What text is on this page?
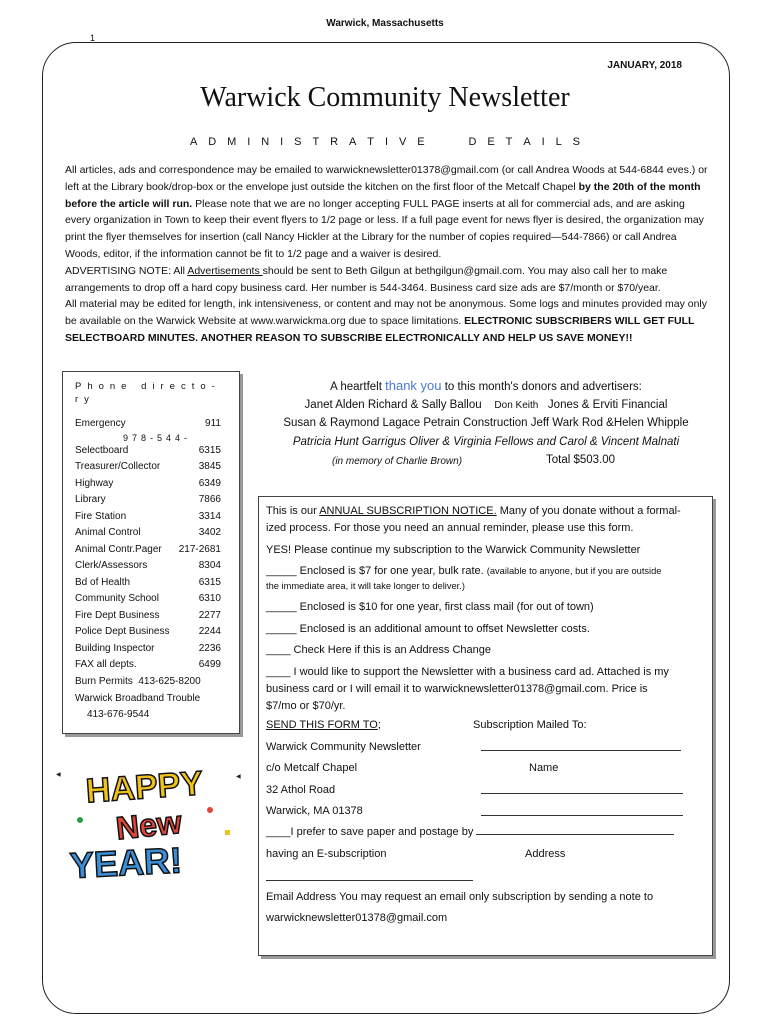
Warwick, Massachusetts
1
JANUARY, 2018
Warwick Community Newsletter
A D M I N I S T R A T I V E	D E T A I L S
All articles, ads and correspondence may be emailed to warwicknewsletter01378@gmail.com (or call Andrea Woods at 544-6844 eves.) or left at the Library book/drop-box or the envelope just outside the kitchen on the first floor of the Metcalf Chapel by the 20th of the month before the article will run. Please note that we are no longer accepting FULL PAGE inserts at all for commercial ads, and are asking every organization in Town to keep their event flyers to 1/2 page or less. If a full page event for news flyer is desired, the organization may print the flyer themselves for insertion (call Nancy Hickler at the Library for the number of copies required—544-7866) or call Andrea Woods, editor, if the information cannot be fit to 1/2 page and a waiver is desired.
ADVERTISING NOTE: All Advertisements should be sent to Beth Gilgun at bethgilgun@gmail.com. You may also call her to make arrangements to drop off a hard copy business card. Her number is 544-3464. Business card size ads are $7/month or $70/year.
All material may be edited for length, ink intensiveness, or content and may not be anonymous. Some logs and minutes provided may only be available on the Warwick Website at www.warwickma.org due to space limitations. ELECTRONIC SUBSCRIBERS WILL GET FULL SELECTBOARD MINUTES. ANOTHER REASON TO SUBSCRIBE ELECTRONICALLY AND HELP US SAVE MONEY!!
Phone directo-ry
Emergency	911
978-544-
Selectboard	6315
Treasurer/Collector	3845
Highway	6349
Library	7866
Fire Station	3314
Animal Control	3402
Animal Contr.Pager 217-2681
Clerk/Assessors	8304
Bd of Health	6315
Community School	6310
Fire Dept Business	2277
Police Dept Business	2244
Building Inspector	2236
FAX all depts.	6499
Burn Permits
413-625-8200
Warwick Broadband Trouble
413-676-9544
A heartfelt thank you to this month's donors and advertisers:
Janet Alden Richard & Sally Ballou Don Keith Jones & Erviti Financial
Susan & Raymond Lagace Petrain Construction Jeff Wark Rod &Helen Whipple
Patricia Hunt Garrigus Oliver & Virginia Fellows and Carol & Vincent Malnati
(in memory of Charlie Brown)	Total $503.00
This is our ANNUAL SUBSCRIPTION NOTICE. Many of you donate without a formal-
ized process. For those you need an annual reminder, please use this form.
YES! Please continue my subscription to the Warwick Community Newsletter
_____ Enclosed is $7 for one year, bulk rate. (available to anyone, but if you are outside
the immediate area, it will take longer to deliver.)
_____ Enclosed is $10 for one year, first class mail (for out of town)
_____ Enclosed is an additional amount to offset Newsletter costs.
____ Check Here if this is an Address Change
____ I would like to support the Newsletter with a business card ad. Attached is my
business card or I will email it to warwicknewsletter01378@gmail.com. Price is
$7/mo or $70/yr.
SEND THIS FORM TO;	Subscription Mailed To:
Warwick Community Newsletter
c/o Metcalf Chapel	Name
32 Athol Road
Warwick, MA 01378
____I prefer to save paper and postage by
having an E-subscription	Address
Email Address You may request an email only subscription by sending a note to
warwicknewsletter01378@gmail.com
◀	◀
HAPPY
New
YEAR!
